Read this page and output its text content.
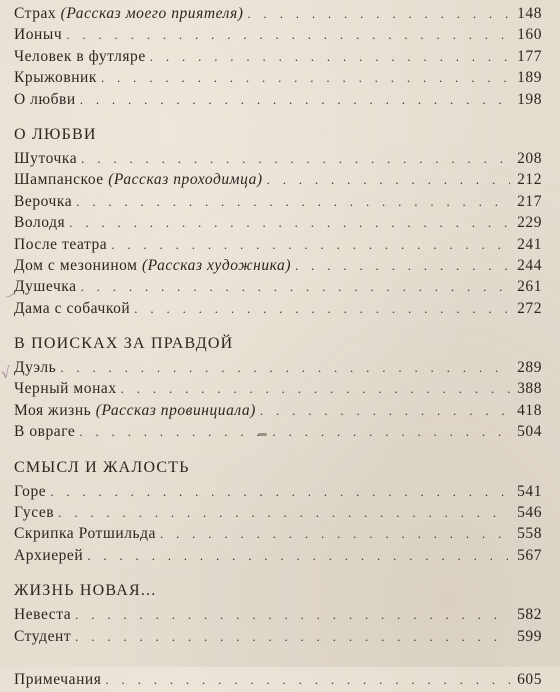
Страх (Рассказ моего приятеля) . . .	148
Ионыч . . .	160
Человек в футляре . . .	177
Крыжовник . . .	189
О любви . . .	198
О ЛЮБВИ
Шуточка . . .	208
Шампанское (Рассказ проходимца) . . .	212
Верочка . . .	217
Володя . . .	229
После театра . . .	241
Дом с мезонином (Рассказ художника) . . .	244
Душечка . . .	261
Дама с собачкой . . .	272
В ПОИСКАХ ЗА ПРАВДОЙ
Дуэль . . .	289
Черный монах . . .	388
Моя жизнь (Рассказ провинциала) . . .	418
В овраге . . .	504
СМЫСЛ И ЖАЛОСТЬ
Горе . . .	541
Гусев . . .	546
Скрипка Ротшильда . . .	558
Архиерей . . .	567
ЖИЗНЬ НОВАЯ...
Невеста . . .	582
Студент . . .	599
Примечания . . .	605
√
‿
